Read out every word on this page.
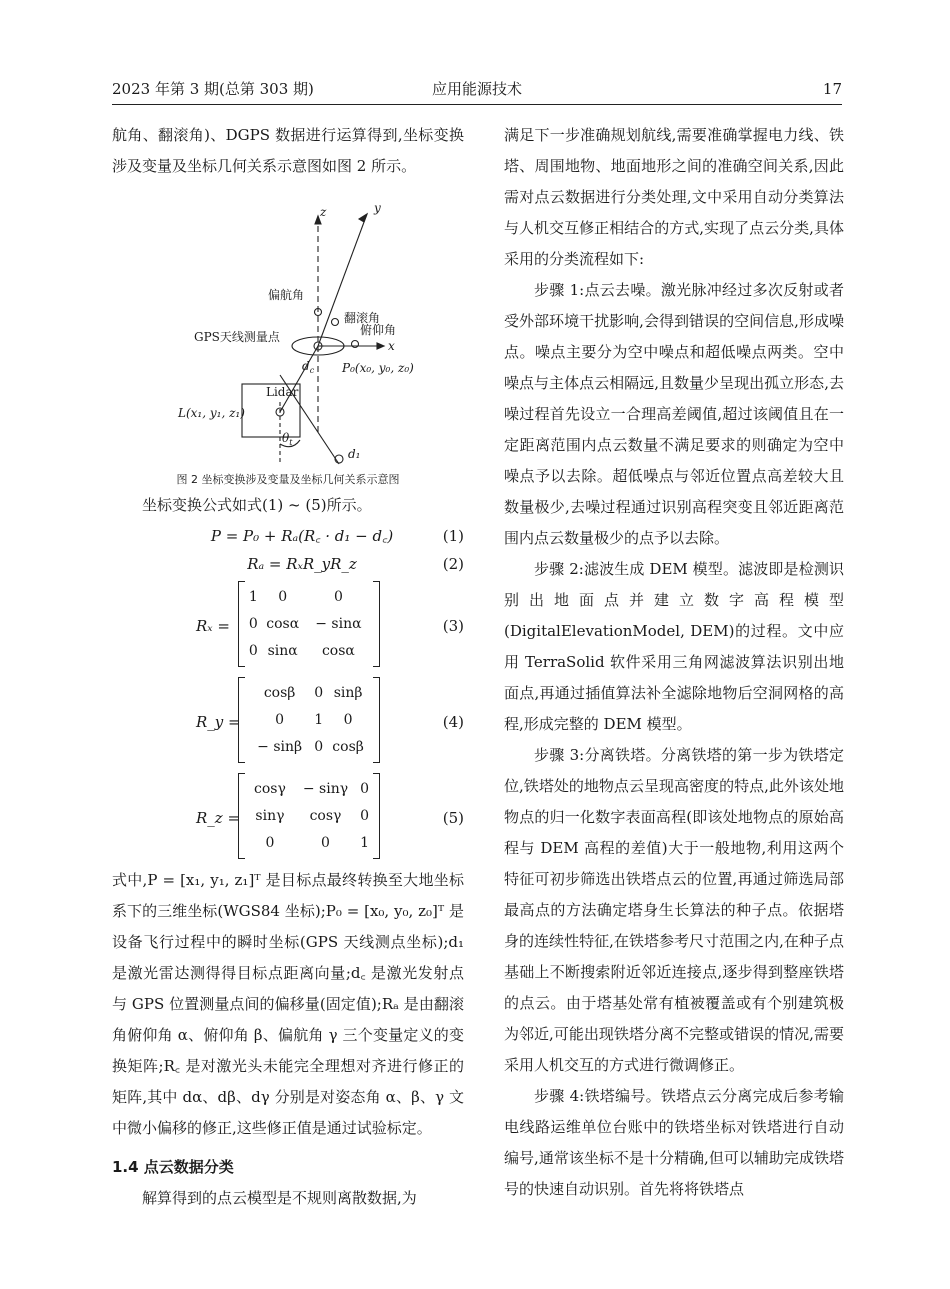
2023 年第 3 期(总第 303 期)	应用能源技术	17

航角、翻滚角)、DGPS 数据进行运算得到,坐标变换涉及变量及坐标几何关系示意图如图 2 所示。

z	y
x
偏航角
翻滚角
俯仰角
GPS天线测量点
$d_c$ P₀(x₀, y₀, z₀)
Lidar
L(x₁, y₁, z₁)
$\theta_t$
d₁
图 2 坐标变换涉及变量及坐标几何关系示意图

坐标变换公式如式(1) ~ (5)所示。

P = P₀ + Rₐ(R꜀ · d₁ − d꜀)	(1)
Rₐ = RₓR_yR_z	(2)
Rₓ =
1	0	0
0	cosα	− sinα
0	sinα	cosα
(3)
R_y =
cosβ	0	sinβ
0	1	0
− sinβ	0	cosβ
(4)
R_z =
cosγ	− sinγ	0
sinγ	cosγ	0
0	0	1
(5)

式中,P = [x₁, y₁, z₁]ᵀ 是目标点最终转换至大地坐标系下的三维坐标(WGS84 坐标);P₀ = [x₀, y₀, z₀]ᵀ 是设备飞行过程中的瞬时坐标(GPS 天线测点坐标);d₁ 是激光雷达测得得目标点距离向量;d꜀ 是激光发射点与 GPS 位置测量点间的偏移量(固定值);Rₐ 是由翻滚角俯仰角 α、俯仰角 β、偏航角 γ 三个变量定义的变换矩阵;R꜀ 是对激光头未能完全理想对齐进行修正的矩阵,其中 dα、dβ、dγ 分别是对姿态角 α、β、γ 文中微小偏移的修正,这些修正值是通过试验标定。

1.4 点云数据分类

解算得到的点云模型是不规则离散数据,为

满足下一步准确规划航线,需要准确掌握电力线、铁塔、周围地物、地面地形之间的准确空间关系,因此需对点云数据进行分类处理,文中采用自动分类算法与人机交互修正相结合的方式,实现了点云分类,具体采用的分类流程如下:

步骤 1:点云去噪。激光脉冲经过多次反射或者受外部环境干扰影响,会得到错误的空间信息,形成噪点。噪点主要分为空中噪点和超低噪点两类。空中噪点与主体点云相隔远,且数量少呈现出孤立形态,去噪过程首先设立一合理高差阈值,超过该阈值且在一定距离范围内点云数量不满足要求的则确定为空中噪点予以去除。超低噪点与邻近位置点高差较大且数量极少,去噪过程通过识别高程突变且邻近距离范围内点云数量极少的点予以去除。

步骤 2:滤波生成 DEM 模型。滤波即是检测识别出地面点并建立数字高程模型(DigitalElevationModel, DEM)的过程。文中应用 TerraSolid 软件采用三角网滤波算法识别出地面点,再通过插值算法补全滤除地物后空洞网格的高程,形成完整的 DEM 模型。

步骤 3:分离铁塔。分离铁塔的第一步为铁塔定位,铁塔处的地物点云呈现高密度的特点,此外该处地物点的归一化数字表面高程(即该处地物点的原始高程与 DEM 高程的差值)大于一般地物,利用这两个特征可初步筛选出铁塔点云的位置,再通过筛选局部最高点的方法确定塔身生长算法的种子点。依据塔身的连续性特征,在铁塔参考尺寸范围之内,在种子点基础上不断搜索附近邻近连接点,逐步得到整座铁塔的点云。由于塔基处常有植被覆盖或有个别建筑极为邻近,可能出现铁塔分离不完整或错误的情况,需要采用人机交互的方式进行微调修正。

步骤 4:铁塔编号。铁塔点云分离完成后参考输电线路运维单位台账中的铁塔坐标对铁塔进行自动编号,通常该坐标不是十分精确,但可以辅助完成铁塔号的快速自动识别。首先将将铁塔点
